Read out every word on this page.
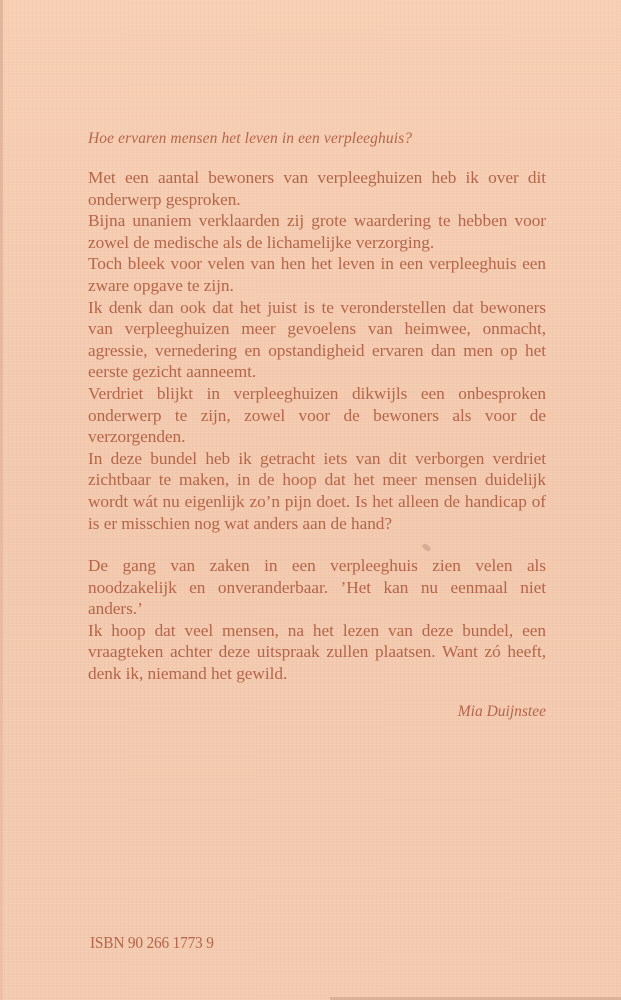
Hoe ervaren mensen het leven in een verpleeghuis?

Met een aantal bewoners van verpleeghuizen heb ik over dit onderwerp gesproken.

Bijna unaniem verklaarden zij grote waardering te hebben voor zowel de medische als de lichamelijke verzorging.

Toch bleek voor velen van hen het leven in een verpleeghuis een zware opgave te zijn.

Ik denk dan ook dat het juist is te veronderstellen dat bewoners van verpleeghuizen meer gevoelens van heimwee, onmacht, agressie, vernedering en opstandigheid ervaren dan men op het eerste gezicht aanneemt.

Verdriet blijkt in verpleeghuizen dikwijls een onbesproken onderwerp te zijn, zowel voor de bewoners als voor de verzorgenden.

In deze bundel heb ik getracht iets van dit verborgen verdriet zichtbaar te maken, in de hoop dat het meer mensen duidelijk wordt wát nu eigenlijk zo’n pijn doet. Is het alleen de handicap of is er misschien nog wat anders aan de hand?

De gang van zaken in een verpleeghuis zien velen als noodzakelijk en onveranderbaar. ’Het kan nu eenmaal niet anders.’

Ik hoop dat veel mensen, na het lezen van deze bundel, een vraagteken achter deze uitspraak zullen plaatsen. Want zó heeft, denk ik, niemand het gewild.

Mia Duijnstee
ISBN 90 266 1773 9
